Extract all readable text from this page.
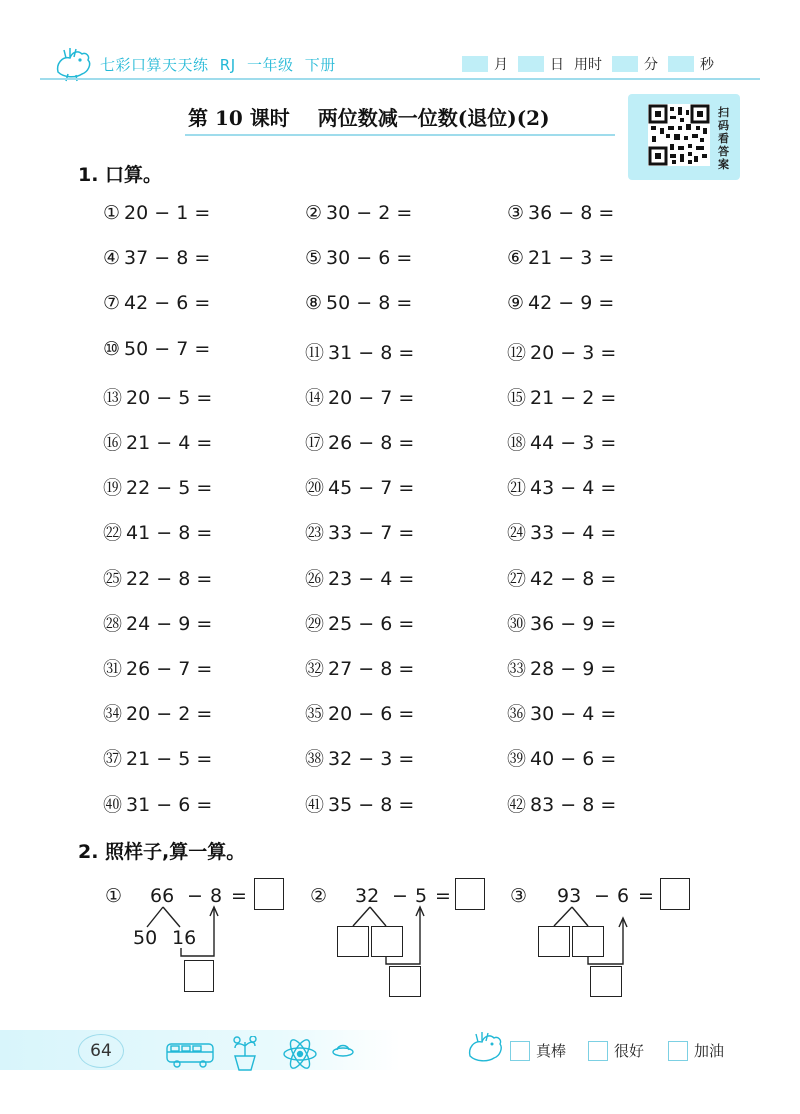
七彩口算天天练 RJ 一年级 下册	月	日 用时	分	秒
第 10 课时 两位数减一位数(退位)(2)	扫码看答案
1. 口算。
① 20 − 1 =	② 30 − 2 =	③ 36 − 8 =
④ 37 − 8 =	⑤ 30 − 6 =	⑥ 21 − 3 =
⑦ 42 − 6 =	⑧ 50 − 8 =	⑨ 42 − 9 =
⑩ 50 − 7 =	⑪ 31 − 8 =	⑫ 20 − 3 =
⑬ 20 − 5 =	⑭ 20 − 7 =	⑮ 21 − 2 =
⑯ 21 − 4 =	⑰ 26 − 8 =	⑱ 44 − 3 =
⑲ 22 − 5 =	⑳ 45 − 7 =	㉑ 43 − 4 =
㉒ 41 − 8 =	㉓ 33 − 7 =	㉔ 33 − 4 =
㉕ 22 − 8 =	㉖ 23 − 4 =	㉗ 42 − 8 =
㉘ 24 − 9 =	㉙ 25 − 6 =	㉚ 36 − 9 =
㉛ 26 − 7 =	㉜ 27 − 8 =	㉝ 28 − 9 =
㉞ 20 − 2 =	㉟ 20 − 6 =	㊱ 30 − 4 =
㊲ 21 − 5 =	㊳ 32 − 3 =	㊴ 40 − 6 =
㊵ 31 − 6 =	㊶ 35 − 8 =	㊷ 83 − 8 =
2. 照样子,算一算。
① 66 − 8 =
50 16
② 32 − 5 =	③ 93 − 6 =
64	真棒	很好	加油
